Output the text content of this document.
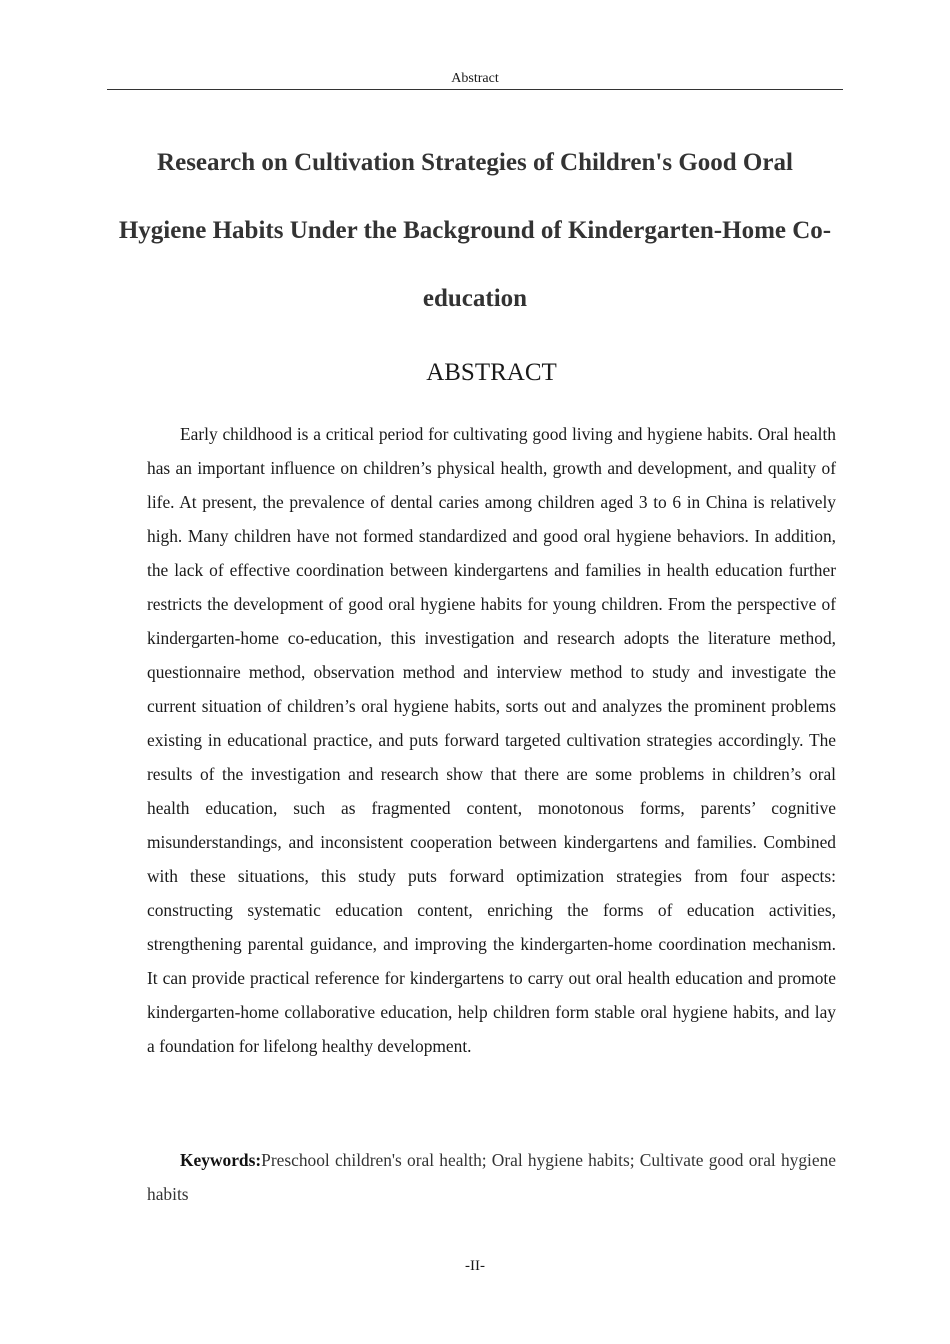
Abstract
Research on Cultivation Strategies of Children's Good Oral
Hygiene Habits Under the Background of Kindergarten-Home Co-
education
ABSTRACT

Early childhood is a critical period for cultivating good living and hygiene habits. Oral health has an important influence on children’s physical health, growth and development, and quality of life. At present, the prevalence of dental caries among children aged 3 to 6 in China is relatively high. Many children have not formed standardized and good oral hygiene behaviors. In addition, the lack of effective coordination between kindergartens and families in health education further restricts the development of good oral hygiene habits for young children. From the perspective of kindergarten-home co-education, this investigation and research adopts the literature method, questionnaire method, observation method and interview method to study and investigate the current situation of children’s oral hygiene habits, sorts out and analyzes the prominent problems existing in educational practice, and puts forward targeted cultivation strategies accordingly. The results of the investigation and research show that there are some problems in children’s oral health education, such as fragmented content, monotonous forms, parents’ cognitive misunderstandings, and inconsistent cooperation between kindergartens and families. Combined with these situations, this study puts forward optimization strategies from four aspects: constructing systematic education content, enriching the forms of education activities, strengthening parental guidance, and improving the kindergarten-home coordination mechanism. It can provide practical reference for kindergartens to carry out oral health education and promote kindergarten-home collaborative education, help children form stable oral hygiene habits, and lay a foundation for lifelong healthy development.

Keywords:Preschool children's oral health; Oral hygiene habits; Cultivate good oral hygiene habits

-II-
